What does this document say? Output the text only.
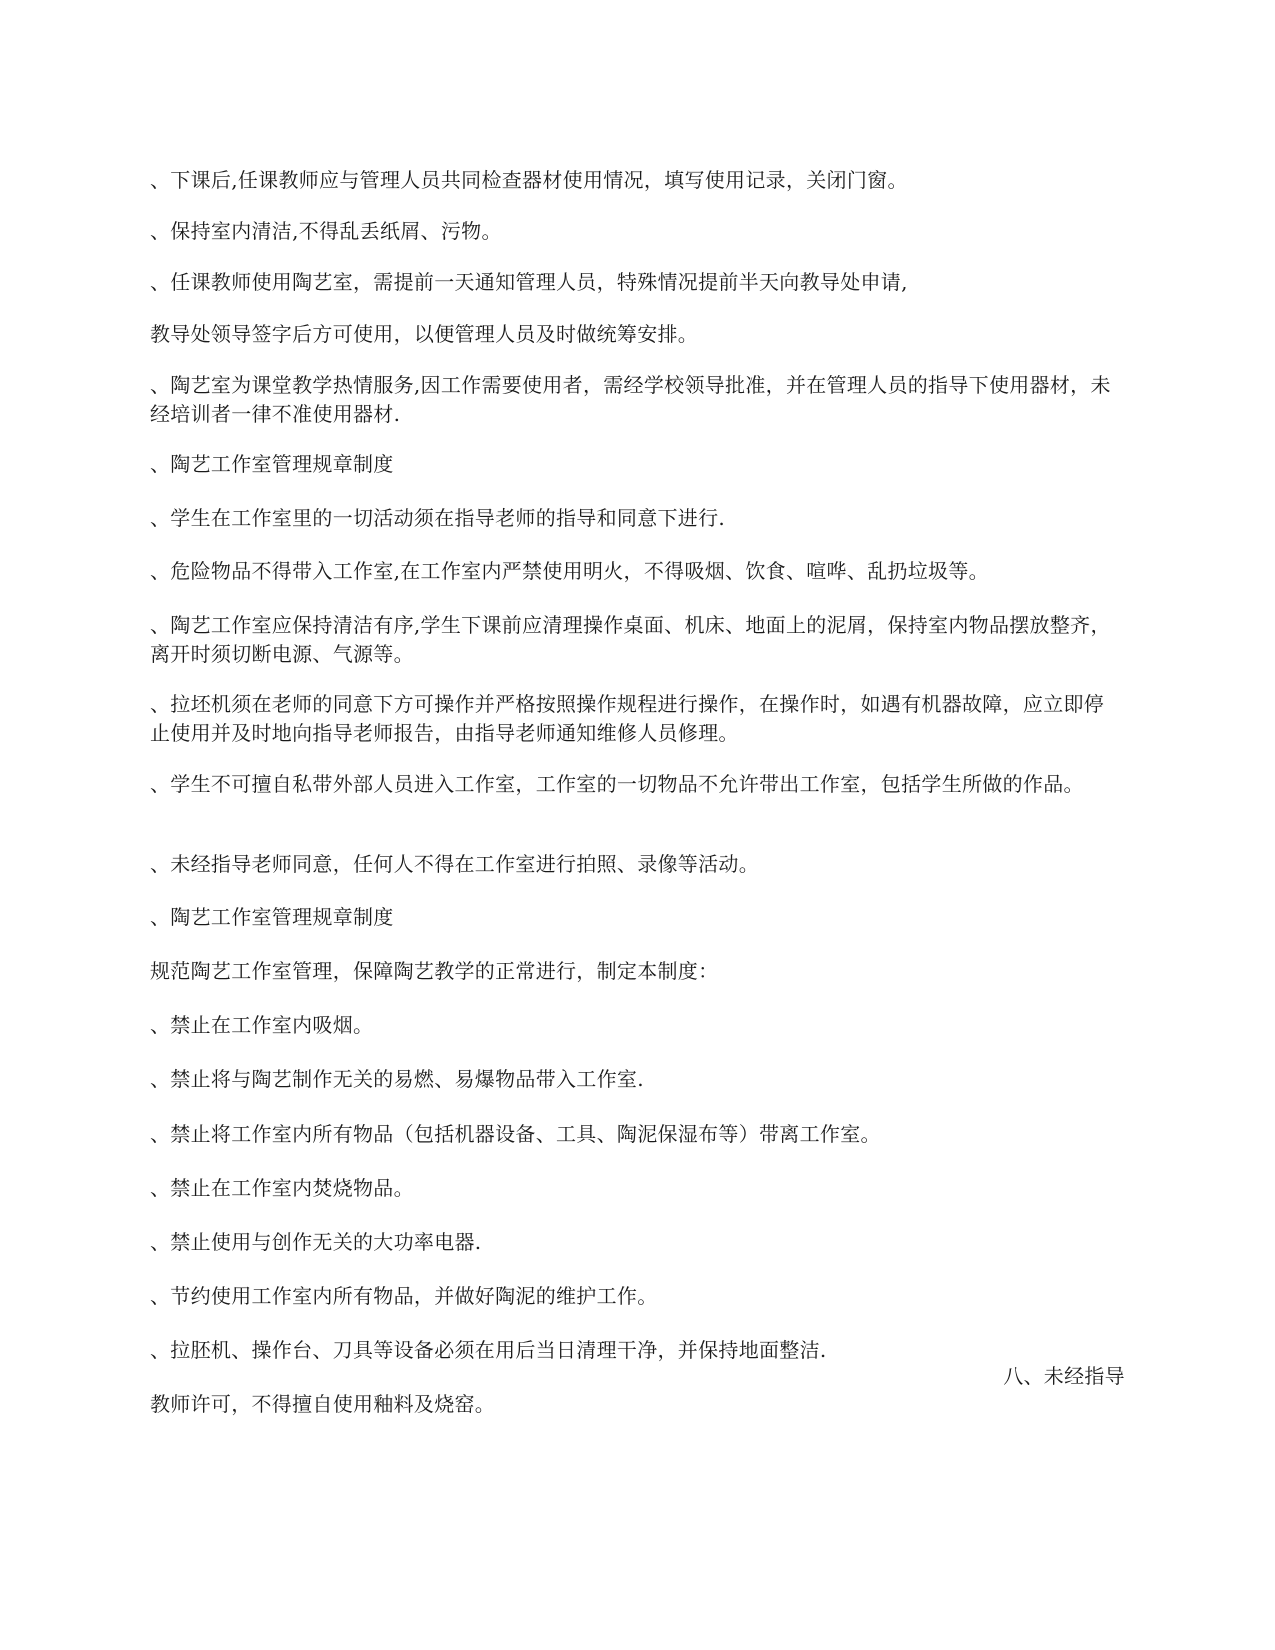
、下课后,任课教师应与管理人员共同检查器材使用情况，填写使用记录，关闭门窗。
、保持室内清洁,不得乱丢纸屑、污物。
、任课教师使用陶艺室，需提前一天通知管理人员，特殊情况提前半天向教导处申请,
教导处领导签字后方可使用，以便管理人员及时做统筹安排。
、陶艺室为课堂教学热情服务,因工作需要使用者，需经学校领导批准，并在管理人员的指导下使用器材，未经培训者一律不准使用器材.
、陶艺工作室管理规章制度
、学生在工作室里的一切活动须在指导老师的指导和同意下进行.
、危险物品不得带入工作室,在工作室内严禁使用明火，不得吸烟、饮食、喧哗、乱扔垃圾等。
、陶艺工作室应保持清洁有序,学生下课前应清理操作桌面、机床、地面上的泥屑，保持室内物品摆放整齐，离开时须切断电源、气源等。
、拉坯机须在老师的同意下方可操作并严格按照操作规程进行操作，在操作时，如遇有机器故障，应立即停止使用并及时地向指导老师报告，由指导老师通知维修人员修理。
、学生不可擅自私带外部人员进入工作室，工作室的一切物品不允许带出工作室，包括学生所做的作品。
、未经指导老师同意，任何人不得在工作室进行拍照、录像等活动。
、陶艺工作室管理规章制度
规范陶艺工作室管理，保障陶艺教学的正常进行，制定本制度：
、禁止在工作室内吸烟。
、禁止将与陶艺制作无关的易燃、易爆物品带入工作室.
、禁止将工作室内所有物品（包括机器设备、工具、陶泥保湿布等）带离工作室。
、禁止在工作室内焚烧物品。
、禁止使用与创作无关的大功率电器.
、节约使用工作室内所有物品，并做好陶泥的维护工作。
、拉胚机、操作台、刀具等设备必须在用后当日清理干净，并保持地面整洁.
八、未经指导
教师许可，不得擅自使用釉料及烧窑。
